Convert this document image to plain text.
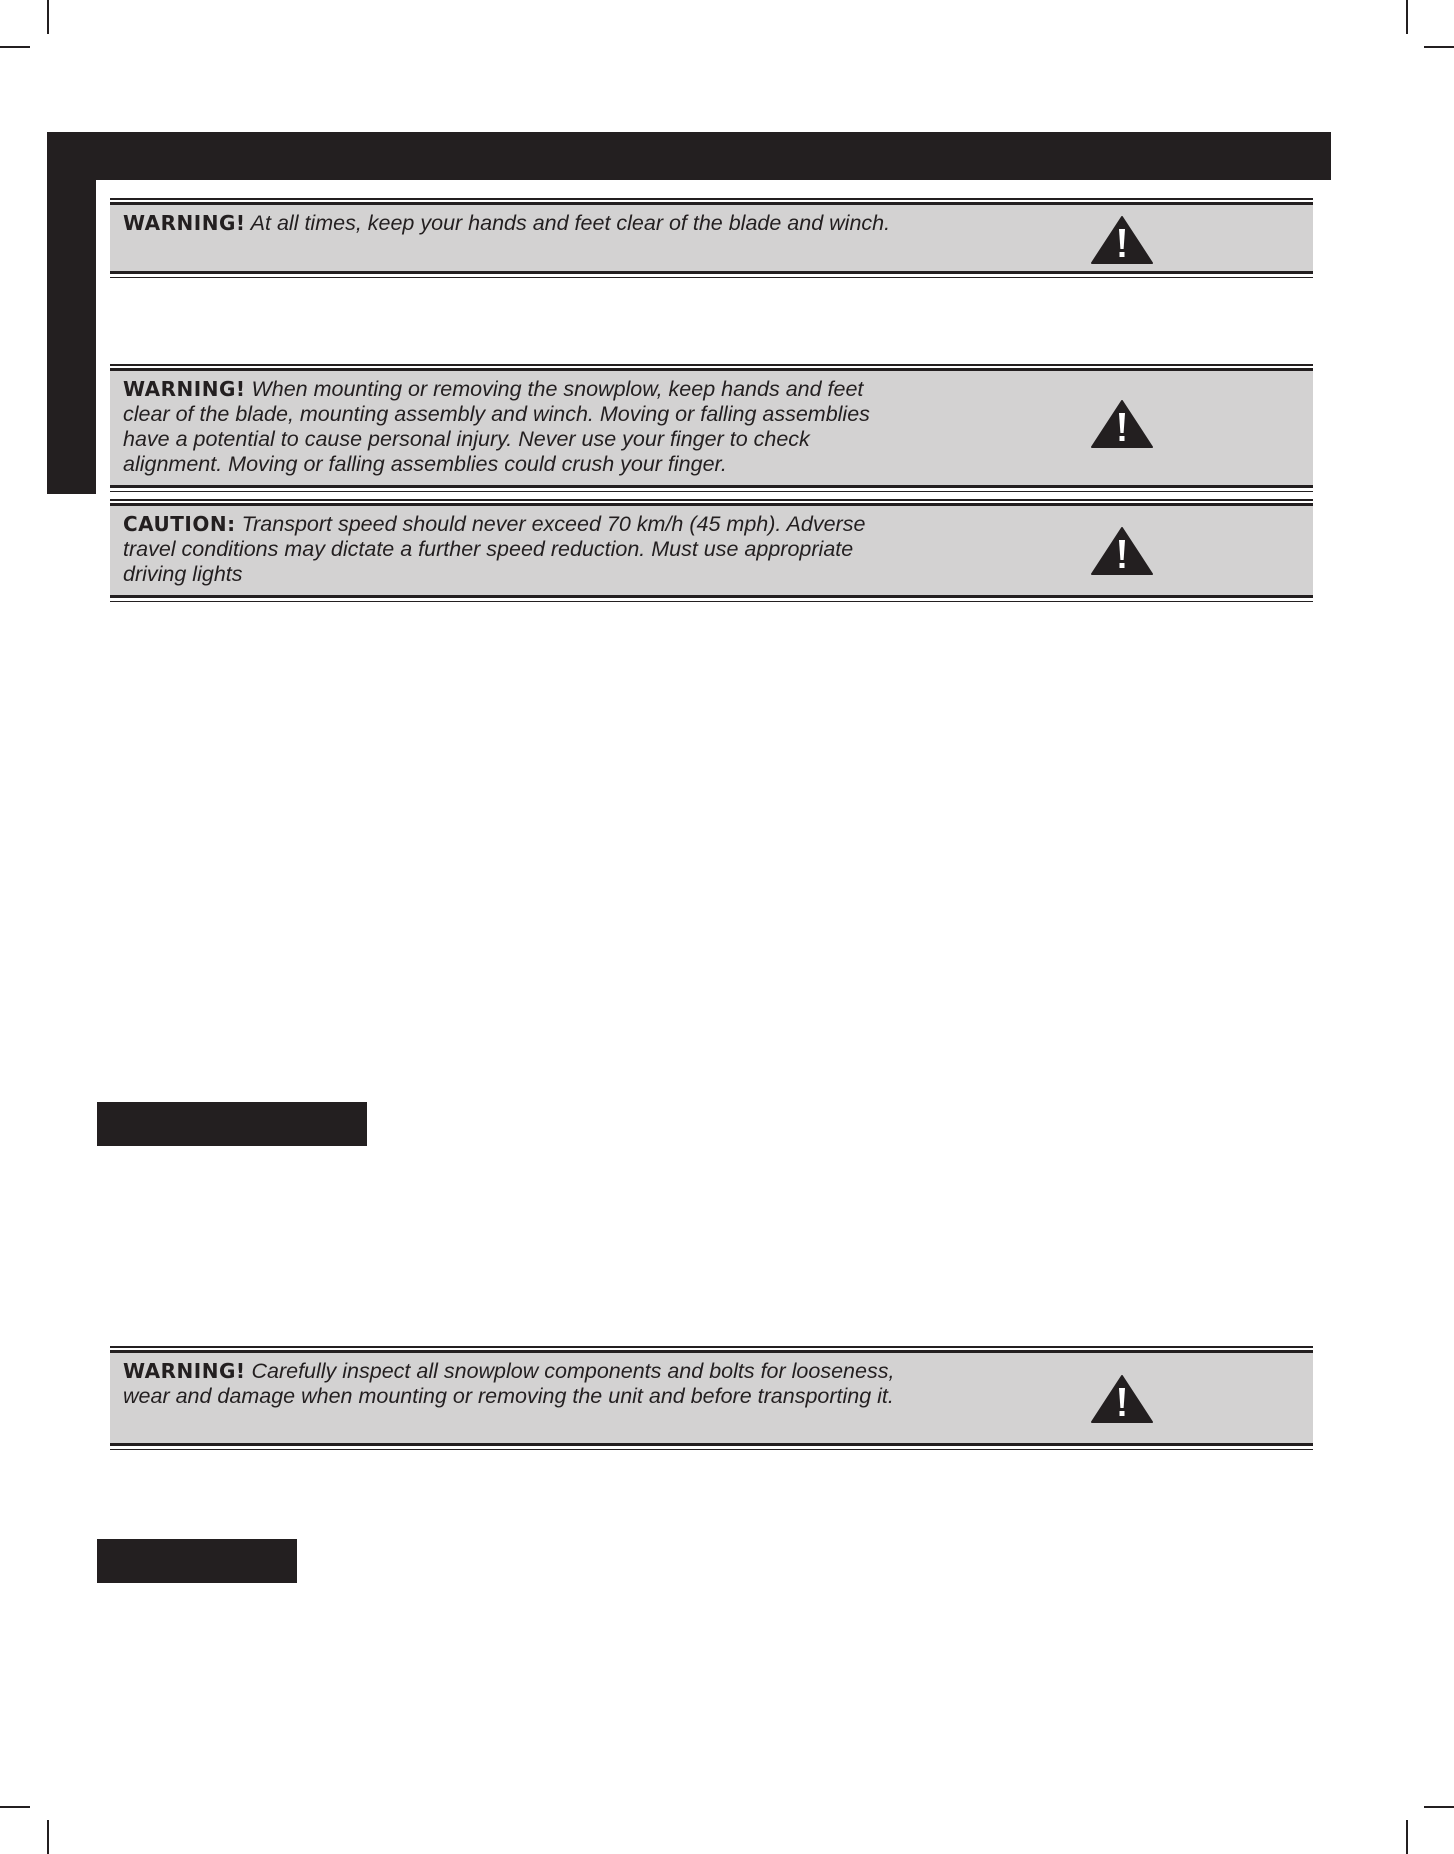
WARNING! At all times, keep your hands and feet clear of the blade and winch.
WARNING! When mounting or removing the snowplow, keep hands and feet clear of the blade, mounting assembly and winch. Moving or falling assemblies have a potential to cause personal injury. Never use your finger to check alignment. Moving or falling assemblies could crush your finger.
CAUTION: Transport speed should never exceed 70 km/h (45 mph). Adverse travel conditions may dictate a further speed reduction. Must use appropriate driving lights
WARNING! Carefully inspect all snowplow components and bolts for looseness, wear and damage when mounting or removing the unit and before transporting it.
